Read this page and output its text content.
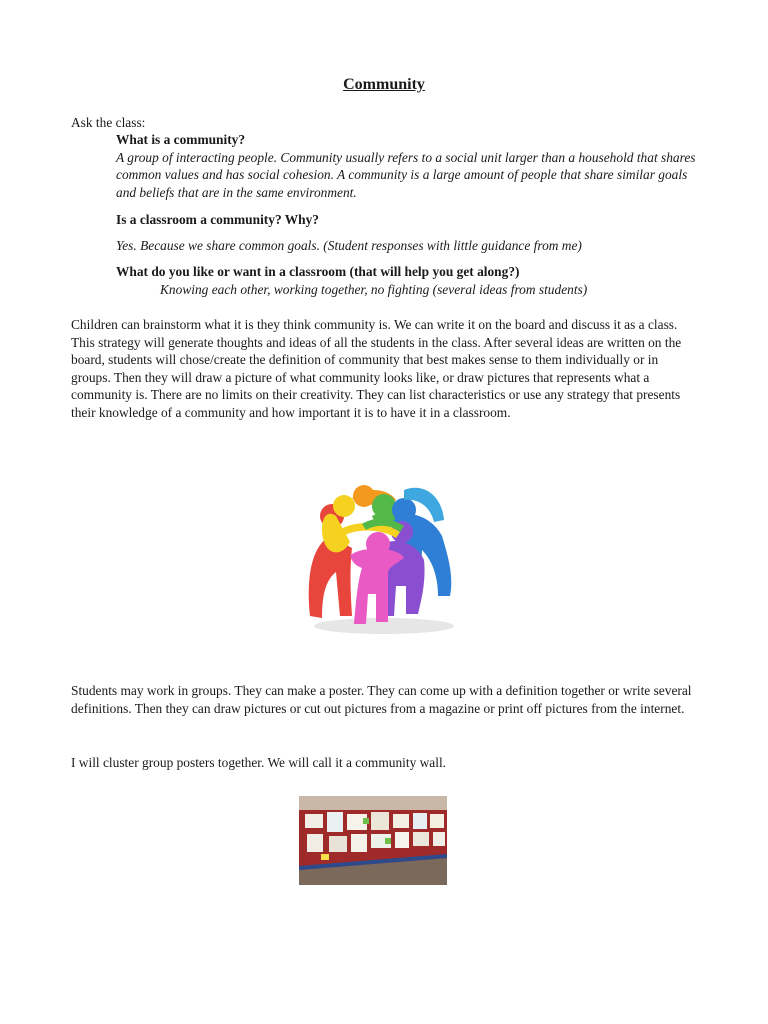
Community
Ask the class:

What is a community?

A group of interacting people. Community usually refers to a social unit larger than a household that shares common values and has social cohesion. A community is a large amount of people that share similar goals and beliefs that are in the same environment.

Is a classroom a community? Why?

Yes. Because we share common goals. (Student responses with little guidance from me)

What do you like or want in a classroom (that will help you get along?)

Knowing each other, working together, no fighting (several ideas from students)

Children can brainstorm what it is they think community is. We can write it on the board and discuss it as a class. This strategy will generate thoughts and ideas of all the students in the class. After several ideas are written on the board, students will chose/create the definition of community that best makes sense to them individually or in groups. Then they will draw a picture of what community looks like, or draw pictures that represents what a community is. There are no limits on their creativity. They can list characteristics or use any strategy that presents their knowledge of a community and how important it is to have it in a classroom.

Students may work in groups. They can make a poster. They can come up with a definition together or write several definitions. Then they can draw pictures or cut out pictures from a magazine or print off pictures from the internet.

I will cluster group posters together. We will call it a community wall.
